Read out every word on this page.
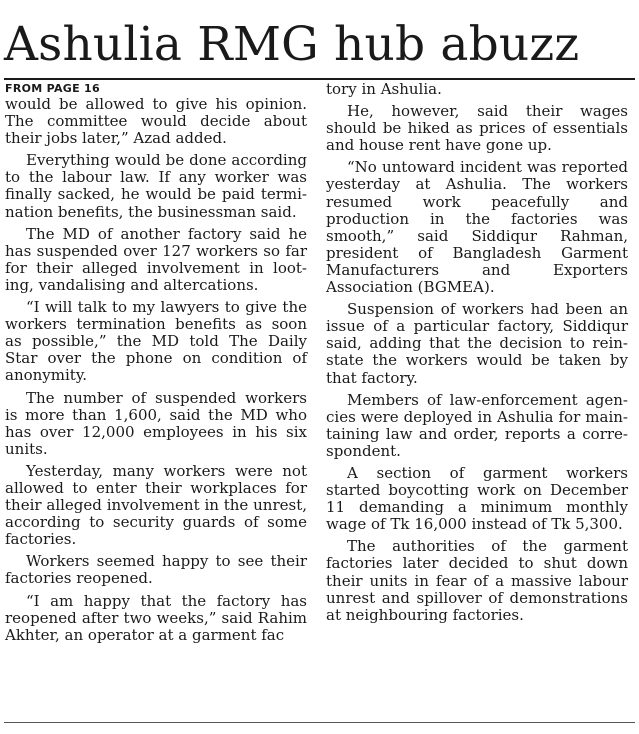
Ashulia RMG hub abuzz
FROM PAGE 16

would be allowed to give his opinion. The committee would decide about their jobs later,” Azad added.

Everything would be done according to the labour law. If any worker was finally sacked, he would be paid termination benefits, the businessman said.

The MD of another factory said he has suspended over 127 workers so far for their alleged involvement in looting, vandalising and altercations.

“I will talk to my lawyers to give the workers termination benefits as soon as possible,” the MD told The Daily Star over the phone on condition of anonymity.

The number of suspended workers is more than 1,600, said the MD who has over 12,000 employees in his six units.

Yesterday, many workers were not allowed to enter their workplaces for their alleged involvement in the unrest, according to security guards of some factories.

Workers seemed happy to see their factories reopened.

“I am happy that the factory has reopened after two weeks,” said Rahim Akhter, an operator at a garment fac

tory in Ashulia.

He, however, said their wages should be hiked as prices of essentials and house rent have gone up.

“No untoward incident was reported yesterday at Ashulia. The workers resumed work peacefully and production in the factories was smooth,” said Siddiqur Rahman, president of Bangladesh Garment Manufacturers and Exporters Association (BGMEA).

Suspension of workers had been an issue of a particular factory, Siddiqur said, adding that the decision to reinstate the workers would be taken by that factory.

Members of law-enforcement agencies were deployed in Ashulia for maintaining law and order, reports a correspondent.

A section of garment workers started boycotting work on December 11 demanding a minimum monthly wage of Tk 16,000 instead of Tk 5,300.

The authorities of the garment factories later decided to shut down their units in fear of a massive labour unrest and spillover of demonstrations at neighbouring factories.
